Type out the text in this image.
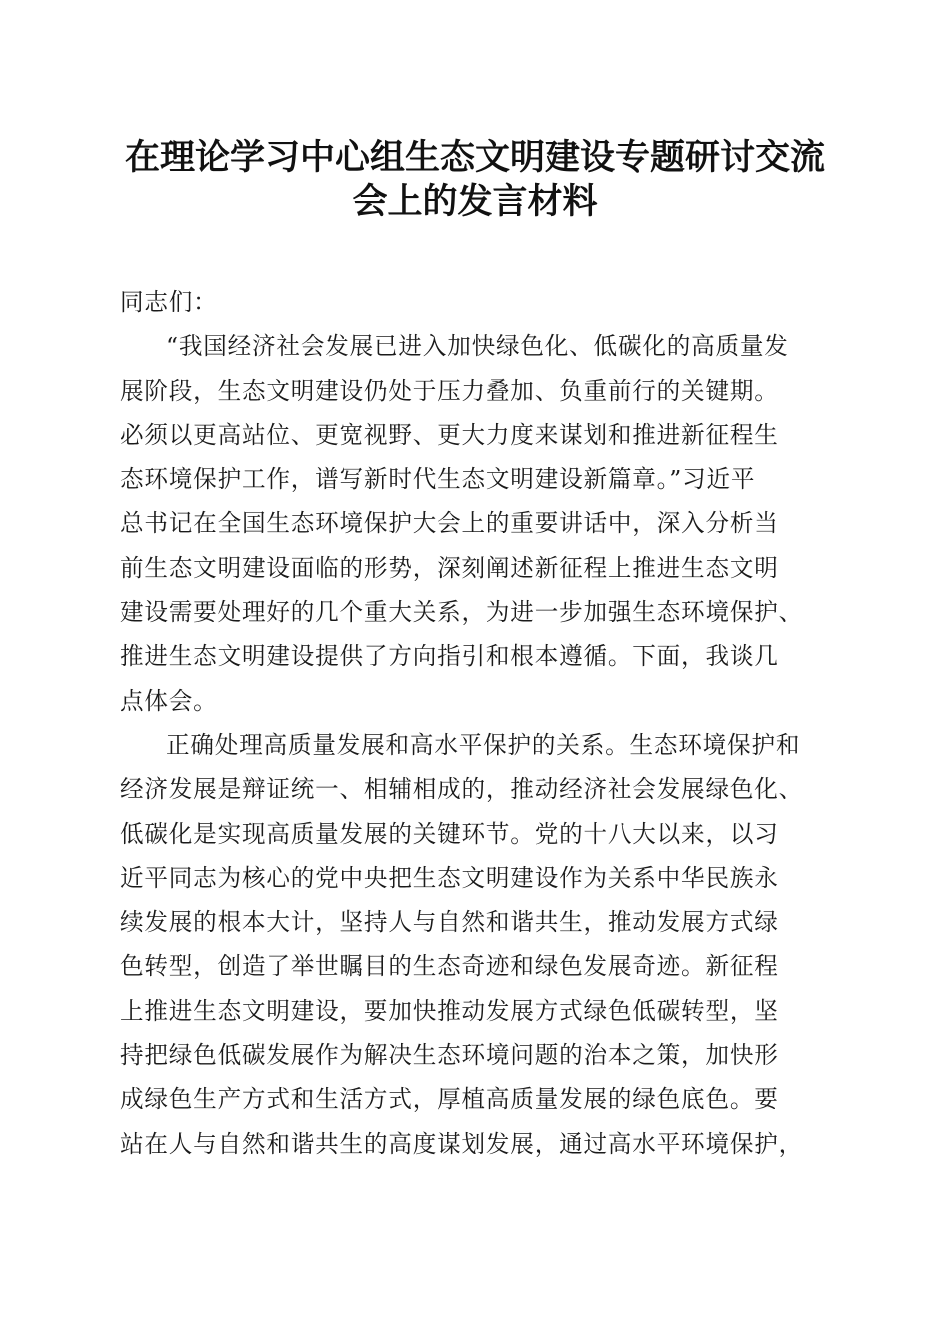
在理论学习中心组生态文明建设专题研讨交流
会上的发言材料
同志们：
“我国经济社会发展已进入加快绿色化、低碳化的高质量发
展阶段，生态文明建设仍处于压力叠加、负重前行的关键期。
必须以更高站位、更宽视野、更大力度来谋划和推进新征程生
态环境保护工作，谱写新时代生态文明建设新篇章。”习近平
总书记在全国生态环境保护大会上的重要讲话中，深入分析当
前生态文明建设面临的形势，深刻阐述新征程上推进生态文明
建设需要处理好的几个重大关系，为进一步加强生态环境保护、
推进生态文明建设提供了方向指引和根本遵循。下面，我谈几
点体会。
正确处理高质量发展和高水平保护的关系。生态环境保护和
经济发展是辩证统一、相辅相成的，推动经济社会发展绿色化、
低碳化是实现高质量发展的关键环节。党的十八大以来，以习
近平同志为核心的党中央把生态文明建设作为关系中华民族永
续发展的根本大计，坚持人与自然和谐共生，推动发展方式绿
色转型，创造了举世瞩目的生态奇迹和绿色发展奇迹。新征程
上推进生态文明建设，要加快推动发展方式绿色低碳转型，坚
持把绿色低碳发展作为解决生态环境问题的治本之策，加快形
成绿色生产方式和生活方式，厚植高质量发展的绿色底色。要
站在人与自然和谐共生的高度谋划发展，通过高水平环境保护，
